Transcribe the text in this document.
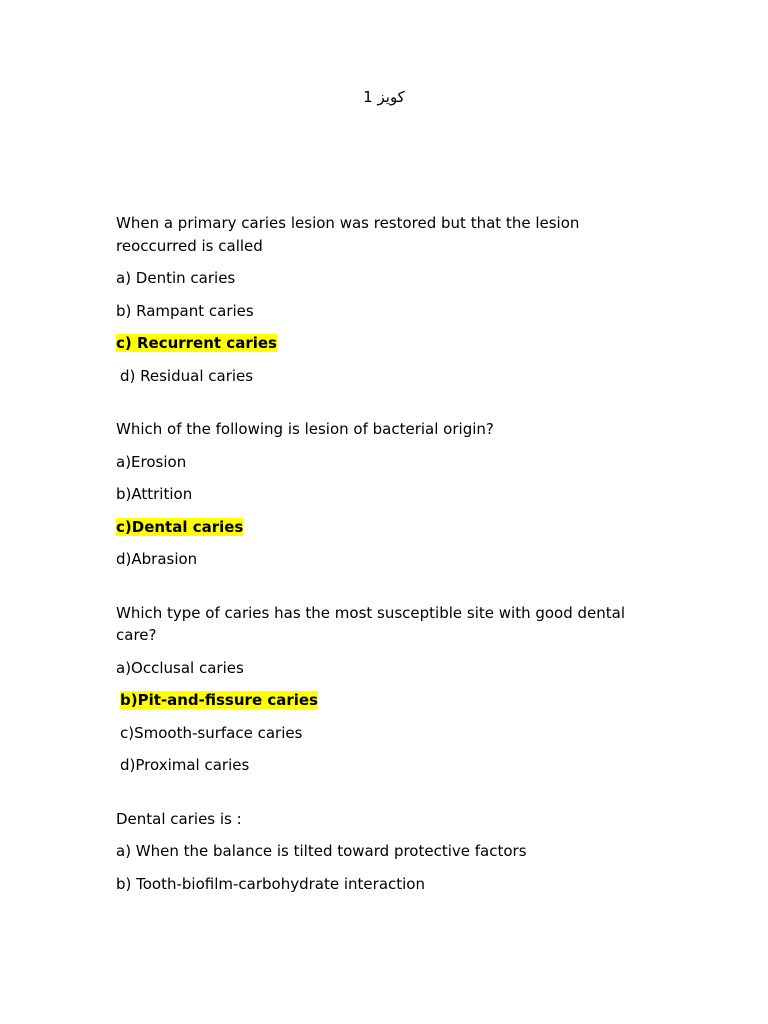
کویز 1
When a primary caries lesion was restored but that the lesion reoccurred is called
a) Dentin caries
b) Rampant caries
c) Recurrent caries
d) Residual caries
Which of the following is lesion of bacterial origin?
a)Erosion
b)Attrition
c)Dental caries
d)Abrasion
Which type of caries has the most susceptible site with good dental care?
a)Occlusal caries
b)Pit-and-fissure caries
c)Smooth-surface caries
d)Proximal caries
Dental caries is :
a) When the balance is tilted toward protective factors
b) Tooth-biofilm-carbohydrate interaction
